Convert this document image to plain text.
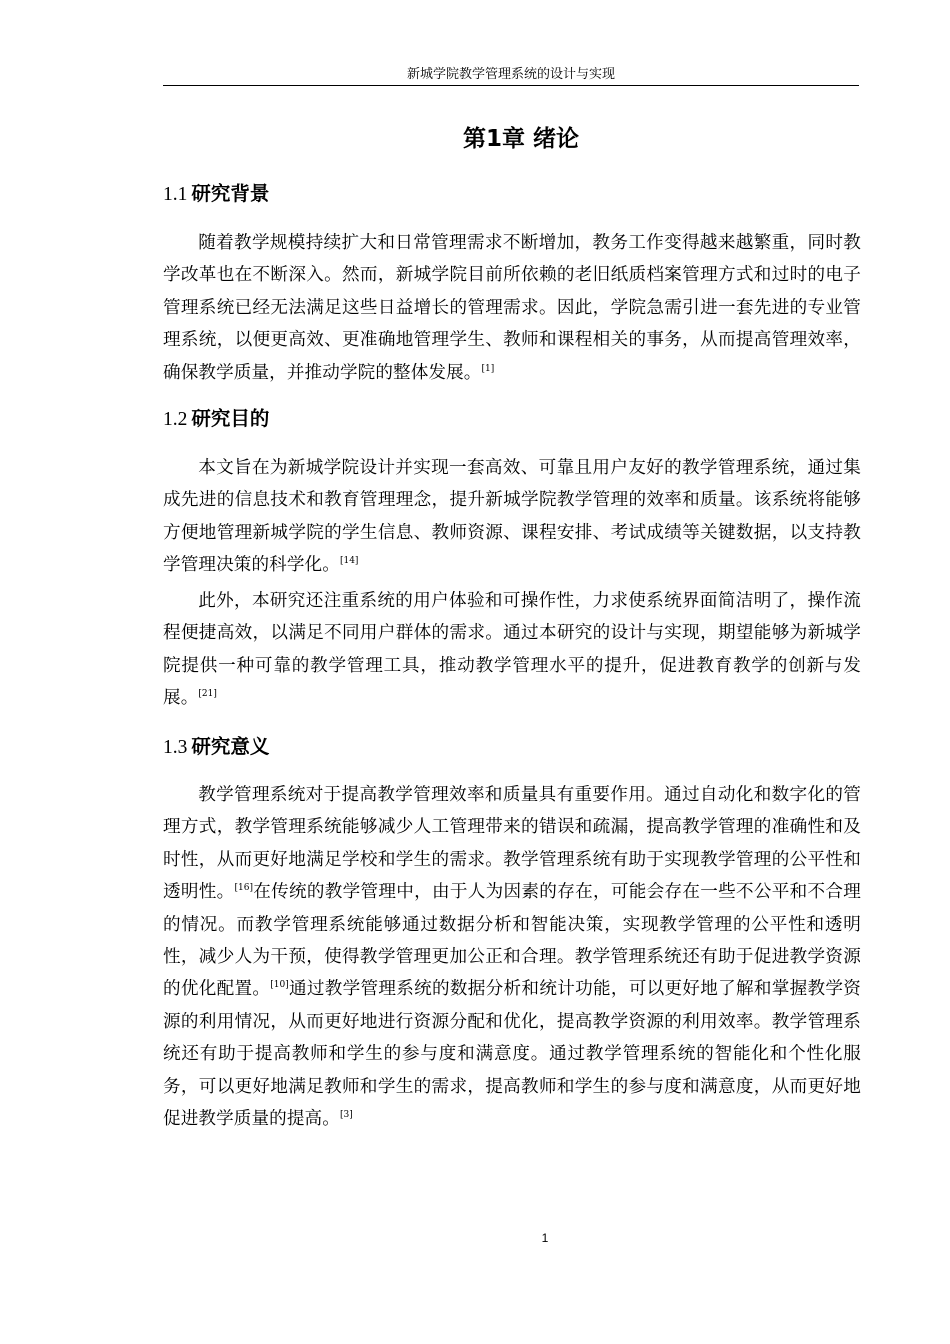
新城学院教学管理系统的设计与实现
第1章 绪论
1.1 研究背景

随着教学规模持续扩大和日常管理需求不断增加，教务工作变得越来越繁重，同时教学改革也在不断深入。然而，新城学院目前所依赖的老旧纸质档案管理方式和过时的电子管理系统已经无法满足这些日益增长的管理需求。因此，学院急需引进一套先进的专业管理系统，以便更高效、更准确地管理学生、教师和课程相关的事务，从而提高管理效率，确保教学质量，并推动学院的整体发展。[1]

1.2 研究目的

本文旨在为新城学院设计并实现一套高效、可靠且用户友好的教学管理系统，通过集成先进的信息技术和教育管理理念，提升新城学院教学管理的效率和质量。该系统将能够方便地管理新城学院的学生信息、教师资源、课程安排、考试成绩等关键数据，以支持教学管理决策的科学化。[14]

此外，本研究还注重系统的用户体验和可操作性，力求使系统界面简洁明了，操作流程便捷高效，以满足不同用户群体的需求。通过本研究的设计与实现，期望能够为新城学院提供一种可靠的教学管理工具，推动教学管理水平的提升，促进教育教学的创新与发展。[21]

1.3 研究意义

教学管理系统对于提高教学管理效率和质量具有重要作用。通过自动化和数字化的管理方式，教学管理系统能够减少人工管理带来的错误和疏漏，提高教学管理的准确性和及时性，从而更好地满足学校和学生的需求。教学管理系统有助于实现教学管理的公平性和透明性。[16]在传统的教学管理中，由于人为因素的存在，可能会存在一些不公平和不合理的情况。而教学管理系统能够通过数据分析和智能决策，实现教学管理的公平性和透明性，减少人为干预，使得教学管理更加公正和合理。教学管理系统还有助于促进教学资源的优化配置。[10]通过教学管理系统的数据分析和统计功能，可以更好地了解和掌握教学资源的利用情况，从而更好地进行资源分配和优化，提高教学资源的利用效率。教学管理系统还有助于提高教师和学生的参与度和满意度。通过教学管理系统的智能化和个性化服务，可以更好地满足教师和学生的需求，提高教师和学生的参与度和满意度，从而更好地促进教学质量的提高。[3]

1
